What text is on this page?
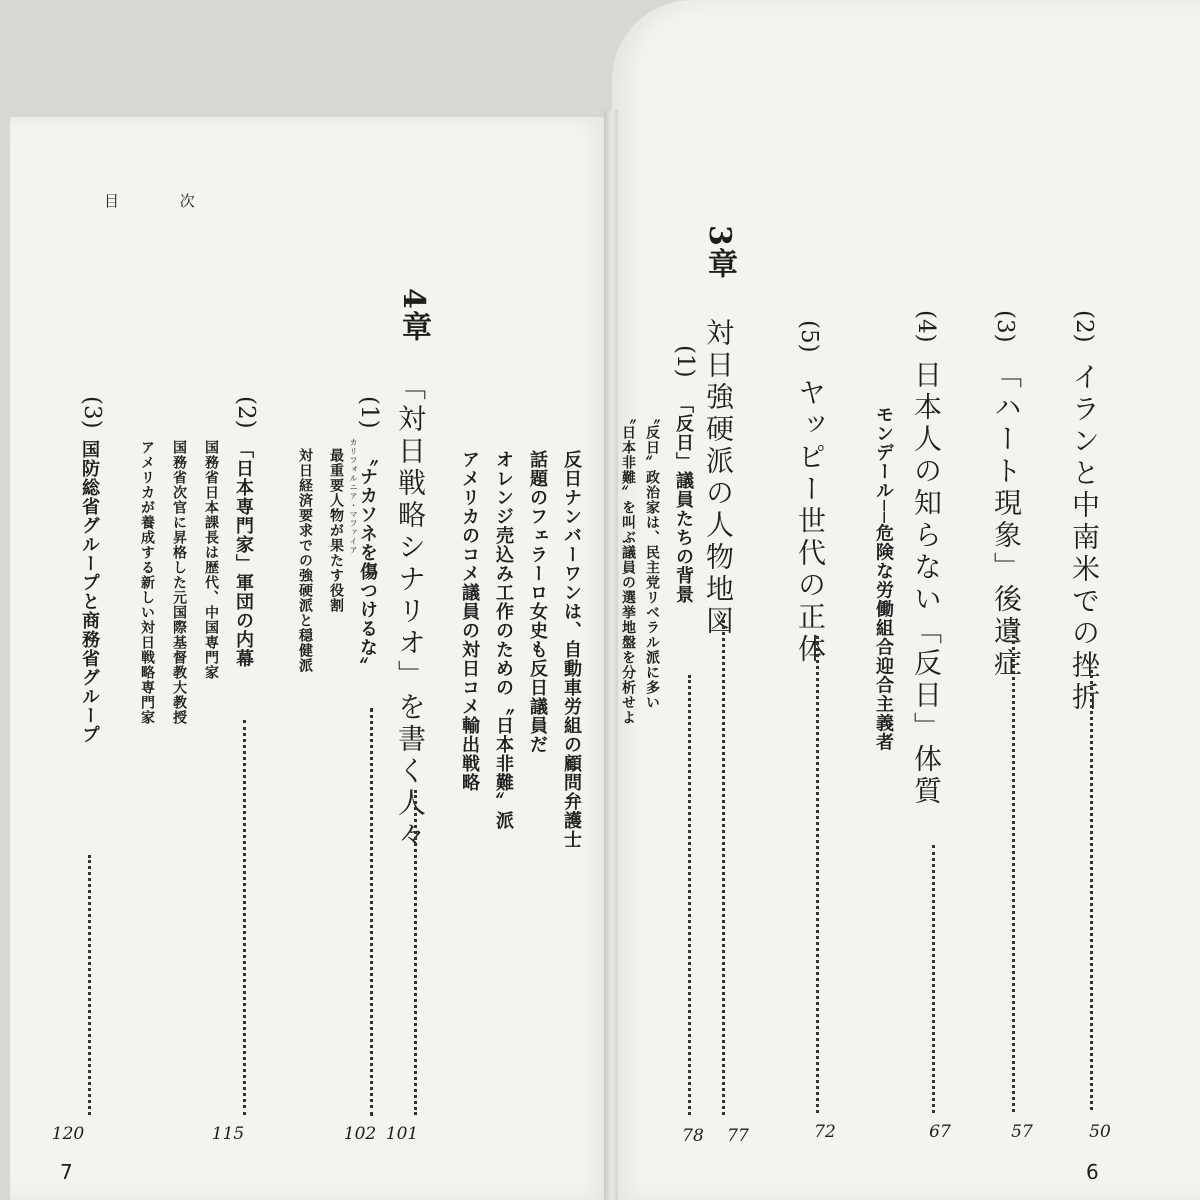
(2)
イランと中南米での挫折
50
(3)
「ハート現象」後遺症
57
(4)
日本人の知らない「反日」体質
67
モンデール──危険な労働組合迎合主義者
(5)
ヤッピー世代の正体
72
3章
対日強硬派の人物地図
77
(1)
「反日」議員たちの背景
78
〝反日〟政治家は、民主党リベラル派に多い
〝日本非難〟を叫ぶ議員の選挙地盤を分析せよ
6
目 次
反日ナンバーワンは、自動車労組の顧問弁護士
話題のフェラーロ女史も反日議員だ
オレンジ売込み工作のための〝日本非難〟派
アメリカのコメ議員の対日コメ輸出戦略
4章
「対日戦略シナリオ」を書く人々
101
(1)
カリフォルニア・マファイア 〝ナカソネを傷つけるな〟
102
最重要人物が果たす役割
対日経済要求での強硬派と穏健派
(2)
「日本専門家」軍団の内幕
115
国務省日本課長は歴代、中国専門家
国務省次官に昇格した元国際基督教大教授
アメリカが養成する新しい対日戦略専門家
(3)
国防総省グループと商務省グループ
120
7
